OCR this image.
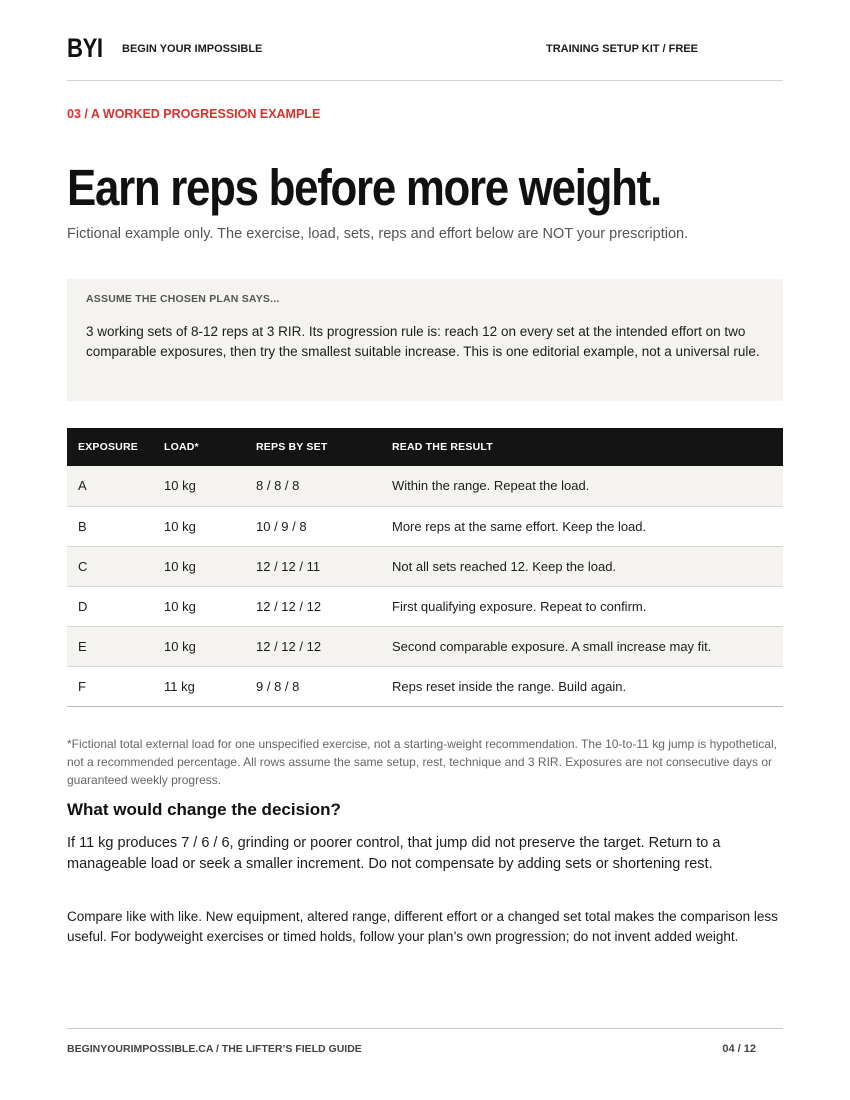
BYI BEGIN YOUR IMPOSSIBLE	TRAINING SETUP KIT / FREE
03 / A WORKED PROGRESSION EXAMPLE
Earn reps before more weight.
Fictional example only. The exercise, load, sets, reps and effort below are NOT your prescription.
ASSUME THE CHOSEN PLAN SAYS...
3 working sets of 8-12 reps at 3 RIR. Its progression rule is: reach 12 on every set at the intended effort on two comparable exposures, then try the smallest suitable increase. This is one editorial example, not a universal rule.
EXPOSURE	LOAD*	REPS BY SET	READ THE RESULT
A	10 kg	8 / 8 / 8	Within the range. Repeat the load.
B	10 kg	10 / 9 / 8	More reps at the same effort. Keep the load.
C	10 kg	12 / 12 / 11	Not all sets reached 12. Keep the load.
D	10 kg	12 / 12 / 12	First qualifying exposure. Repeat to confirm.
E	10 kg	12 / 12 / 12	Second comparable exposure. A small increase may fit.
F	11 kg	9 / 8 / 8	Reps reset inside the range. Build again.
*Fictional total external load for one unspecified exercise, not a starting-weight recommendation. The 10-to-11 kg jump is hypothetical, not a recommended percentage. All rows assume the same setup, rest, technique and 3 RIR. Exposures are not consecutive days or guaranteed weekly progress.
What would change the decision?
If 11 kg produces 7 / 6 / 6, grinding or poorer control, that jump did not preserve the target. Return to a manageable load or seek a smaller increment. Do not compensate by adding sets or shortening rest.
Compare like with like. New equipment, altered range, different effort or a changed set total makes the comparison less useful. For bodyweight exercises or timed holds, follow your plan’s own progression; do not invent added weight.
BEGINYOURIMPOSSIBLE.CA / THE LIFTER’S FIELD GUIDE	04 / 12
